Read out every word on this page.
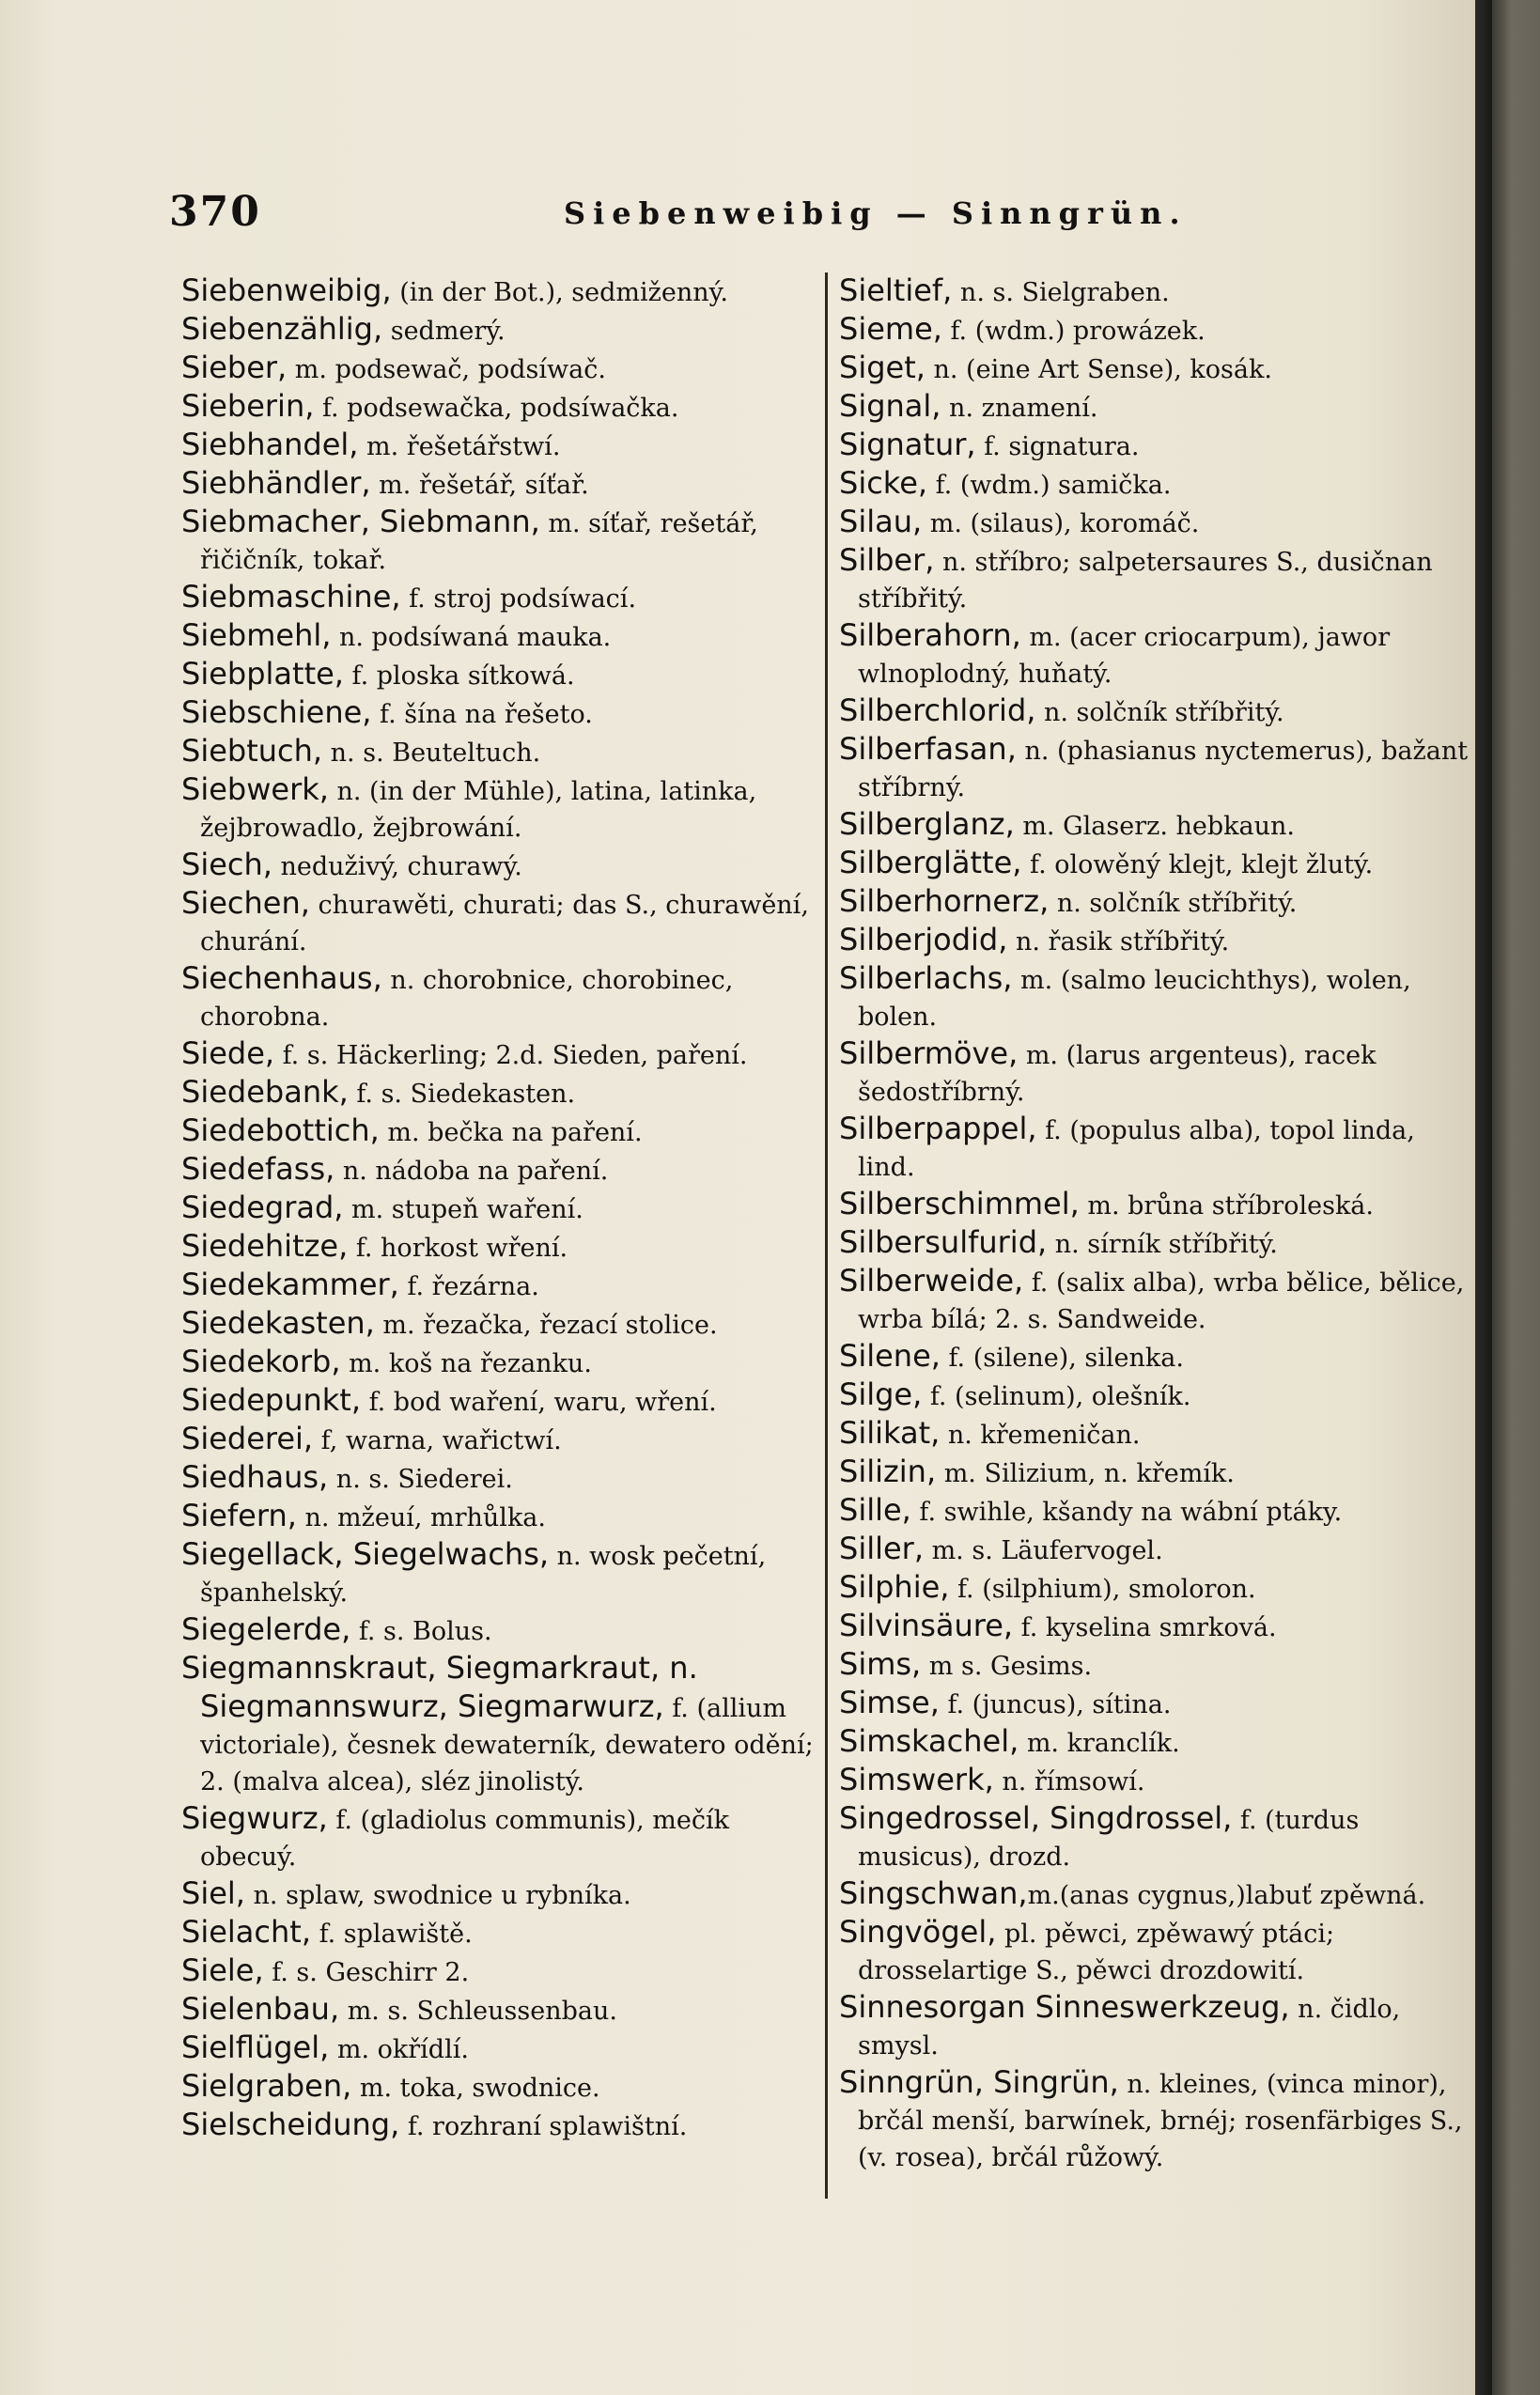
370	Siebenweibig — Sinngrün.

Siebenweibig, (in der Bot.), sedmiženný.

Siebenzählig, sedmerý.

Sieber, m. podsewač, podsíwač.

Sieberin, f. podsewačka, podsíwačka.

Siebhandel, m. řešetářstwí.

Siebhändler, m. řešetář, síťař.

Siebmacher, Siebmann, m. síťař, rešetář, řičičník, tokař.

Siebmaschine, f. stroj podsíwací.

Siebmehl, n. podsíwaná mauka.

Siebplatte, f. ploska sítkowá.

Siebschiene, f. šína na řešeto.

Siebtuch, n. s. Beuteltuch.

Siebwerk, n. (in der Mühle), latina, latinka, žejbrowadlo, žejbrowání.

Siech, neduživý, churawý.

Siechen, churawěti, churati; das S., churawění, churání.

Siechenhaus, n. chorobnice, chorobinec, chorobna.

Siede, f. s. Häckerling; 2.d. Sieden, paření.

Siedebank, f. s. Siedekasten.

Siedebottich, m. bečka na paření.

Siedefass, n. nádoba na paření.

Siedegrad, m. stupeň waření.

Siedehitze, f. horkost wření.

Siedekammer, f. řezárna.

Siedekasten, m. řezačka, řezací stolice.

Siedekorb, m. koš na řezanku.

Siedepunkt, f. bod waření, waru, wření.

Siederei, f, warna, wařictwí.

Siedhaus, n. s. Siederei.

Siefern, n. mžeuí, mrhůlka.

Siegellack, Siegelwachs, n. wosk pečetní, španhelský.

Siegelerde, f. s. Bolus.

Siegmannskraut, Siegmarkraut, n. Siegmannswurz, Siegmarwurz, f. (allium victoriale), česnek dewaterník, dewatero odění; 2. (malva alcea), sléz jinolistý.

Siegwurz, f. (gladiolus communis), mečík obecuý.

Siel, n. splaw, swodnice u rybníka.

Sielacht, f. splawiště.

Siele, f. s. Geschirr 2.

Sielenbau, m. s. Schleussenbau.

Sielflügel, m. okřídlí.

Sielgraben, m. toka, swodnice.

Sielscheidung, f. rozhraní splawištní.

Sieltief, n. s. Sielgraben.

Sieme, f. (wdm.) prowázek.

Siget, n. (eine Art Sense), kosák.

Signal, n. znamení.

Signatur, f. signatura.

Sicke, f. (wdm.) samička.

Silau, m. (silaus), koromáč.

Silber, n. stříbro; salpetersaures S., dusičnan stříbřitý.

Silberahorn, m. (acer criocarpum), jawor wlnoplodný, huňatý.

Silberchlorid, n. solčník stříbřitý.

Silberfasan, n. (phasianus nyctemerus), bažant stříbrný.

Silberglanz, m. Glaserz. hebkaun.

Silberglätte, f. olowěný klejt, klejt žlutý.

Silberhornerz, n. solčník stříbřitý.

Silberjodid, n. řasik stříbřitý.

Silberlachs, m. (salmo leucichthys), wolen, bolen.

Silbermöve, m. (larus argenteus), racek šedostříbrný.

Silberpappel, f. (populus alba), topol linda, lind.

Silberschimmel, m. brůna stříbroleská.

Silbersulfurid, n. sírník stříbřitý.

Silberweide, f. (salix alba), wrba bělice, bělice, wrba bílá; 2. s. Sandweide.

Silene, f. (silene), silenka.

Silge, f. (selinum), olešník.

Silikat, n. křemeničan.

Silizin, m. Silizium, n. křemík.

Sille, f. swihle, kšandy na wábní ptáky.

Siller, m. s. Läufervogel.

Silphie, f. (silphium), smoloron.

Silvinsäure, f. kyselina smrková.

Sims, m s. Gesims.

Simse, f. (juncus), sítina.

Simskachel, m. kranclík.

Simswerk, n. římsowí.

Singedrossel, Singdrossel, f. (turdus musicus), drozd.

Singschwan,m.(anas cygnus,)labuť zpěwná.

Singvögel, pl. pěwci, zpěwawý ptáci; drosselartige S., pěwci drozdowití.

Sinnesorgan Sinneswerkzeug, n. čidlo, smysl.

Sinngrün, Singrün, n. kleines, (vinca minor), brčál menší, barwínek, brnéj; rosenfärbiges S., (v. rosea), brčál růžowý.
